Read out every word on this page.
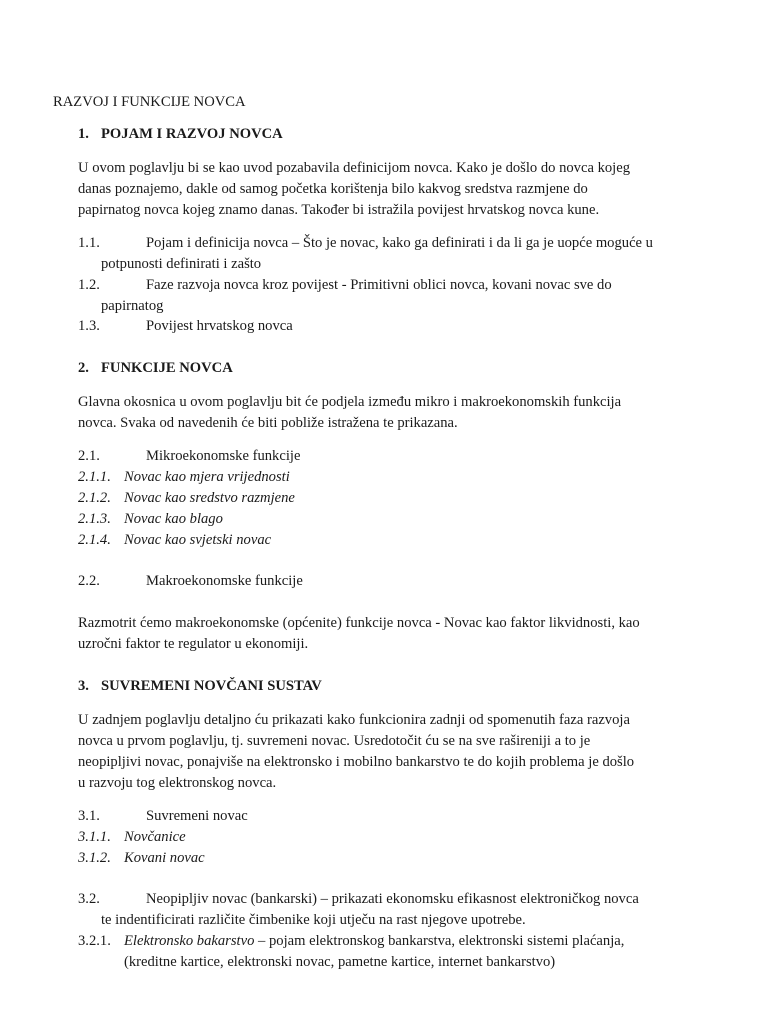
RAZVOJ I FUNKCIJE NOVCA
1. POJAM I RAZVOJ NOVCA
U ovom poglavlju bi se kao uvod pozabavila definicijom novca. Kako je došlo do novca kojeg
danas poznajemo, dakle od samog početka korištenja bilo kakvog sredstva razmjene do
papirnatog novca kojeg znamo danas. Također bi istražila povijest hrvatskog novca kune.
1.1.	Pojam i definicija novca – Što je novac, kako ga definirati i da li ga je uopće moguće u
potpunosti definirati i zašto
1.2.	Faze razvoja novca kroz povijest - Primitivni oblici novca, kovani novac sve do
papirnatog
1.3.	Povijest hrvatskog novca
2. FUNKCIJE NOVCA
Glavna okosnica u ovom poglavlju bit će podjela između mikro i makroekonomskih funkcija
novca. Svaka od navedenih će biti pobliže istražena te prikazana.
2.1.	Mikroekonomske funkcije
2.1.1. Novac kao mjera vrijednosti
2.1.2. Novac kao sredstvo razmjene
2.1.3. Novac kao blago
2.1.4. Novac kao svjetski novac
2.2.	Makroekonomske funkcije
Razmotrit ćemo makroekonomske (općenite) funkcije novca - Novac kao faktor likvidnosti, kao
uzročni faktor te regulator u ekonomiji.
3. SUVREMENI NOVČANI SUSTAV
U zadnjem poglavlju detaljno ću prikazati kako funkcionira zadnji od spomenutih faza razvoja
novca u prvom poglavlju, tj. suvremeni novac. Usredotočit ću se na sve rašireniji a to je
neopipljivi novac, ponajviše na elektronsko i mobilno bankarstvo te do kojih problema je došlo
u razvoju tog elektronskog novca.
3.1.	Suvremeni novac
3.1.1. Novčanice
3.1.2. Kovani novac
3.2.	Neopipljiv novac (bankarski) – prikazati ekonomsku efikasnost elektroničkog novca
te indentificirati različite čimbenike koji utječu na rast njegove upotrebe.
3.2.1. Elektronsko bakarstvo – pojam elektronskog bankarstva, elektronski sistemi plaćanja,
(kreditne kartice, elektronski novac, pametne kartice, internet bankarstvo)
